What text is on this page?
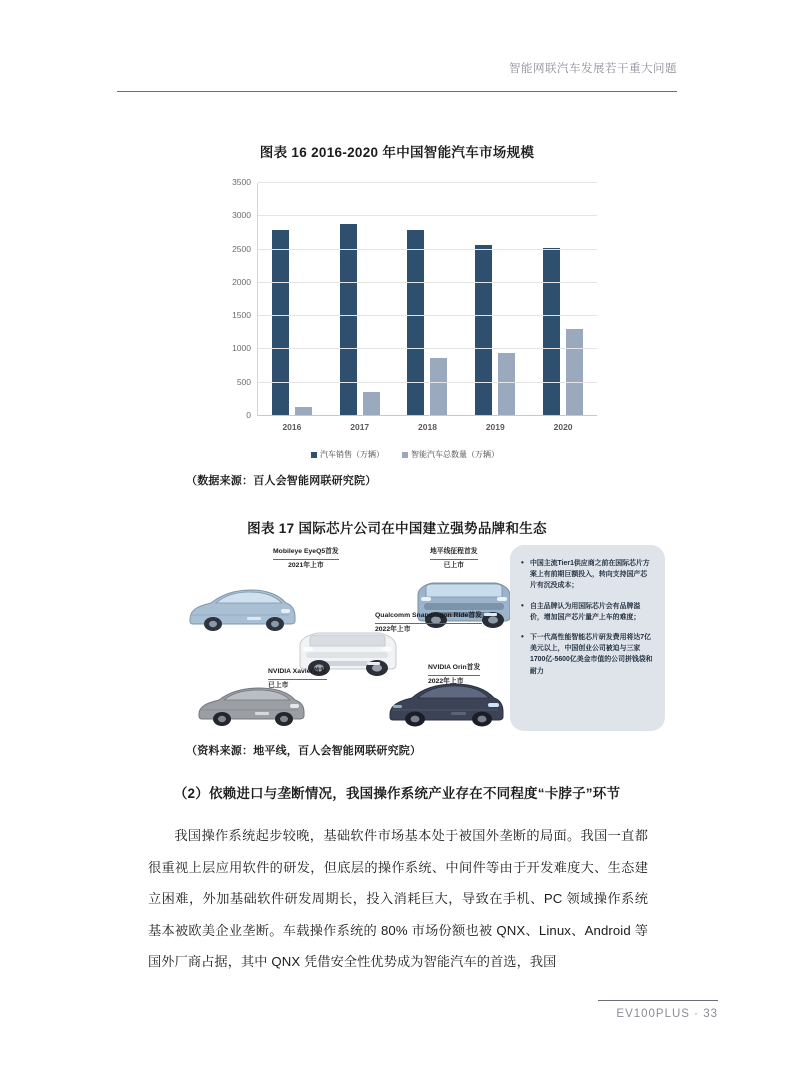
智能网联汽车发展若干重大问题
图表 16 2016-2020 年中国智能汽车市场规模
2016	2017	2018	2019	2020
0
500
1000
1500
2000
2500
3000
3500
汽车销售（万辆）	智能汽车总数量（万辆）
（数据来源：百人会智能网联研究院）
图表 17 国际芯片公司在中国建立强势品牌和生态
Mobileye EyeQ5首发
2021年上市
地平线征程首发
已上市
Qualcomm Snapdragon Ride首发
2022年上市
NVIDIA Xavier首发
已上市
NVIDIA Orin首发
2022年上市
• 中国主流Tier1供应商之前在国际芯片方案上有前期巨额投入，转向支持国产芯片有沉没成本；
• 自主品牌认为用国际芯片会有品牌溢价，增加国产芯片量产上车的难度；
• 下一代高性能智能芯片研发费用将达7亿美元以上，中国创业公司被迫与三家1700亿-5600亿美金市值的公司拼钱袋和耐力
（资料来源：地平线，百人会智能网联研究院）
（2）依赖进口与垄断情况，我国操作系统产业存在不同程度“卡脖子”环节
我国操作系统起步较晚，基础软件市场基本处于被国外垄断的局面。我国一直都很重视上层应用软件的研发，但底层的操作系统、中间件等由于开发难度大、生态建立困难，外加基础软件研发周期长，投入消耗巨大，导致在手机、PC 领域操作系统基本被欧美企业垄断。车载操作系统的 80% 市场份额也被 QNX、Linux、Android 等国外厂商占据，其中 QNX 凭借安全性优势成为智能汽车的首选，我国
EV100PLUS · 33
